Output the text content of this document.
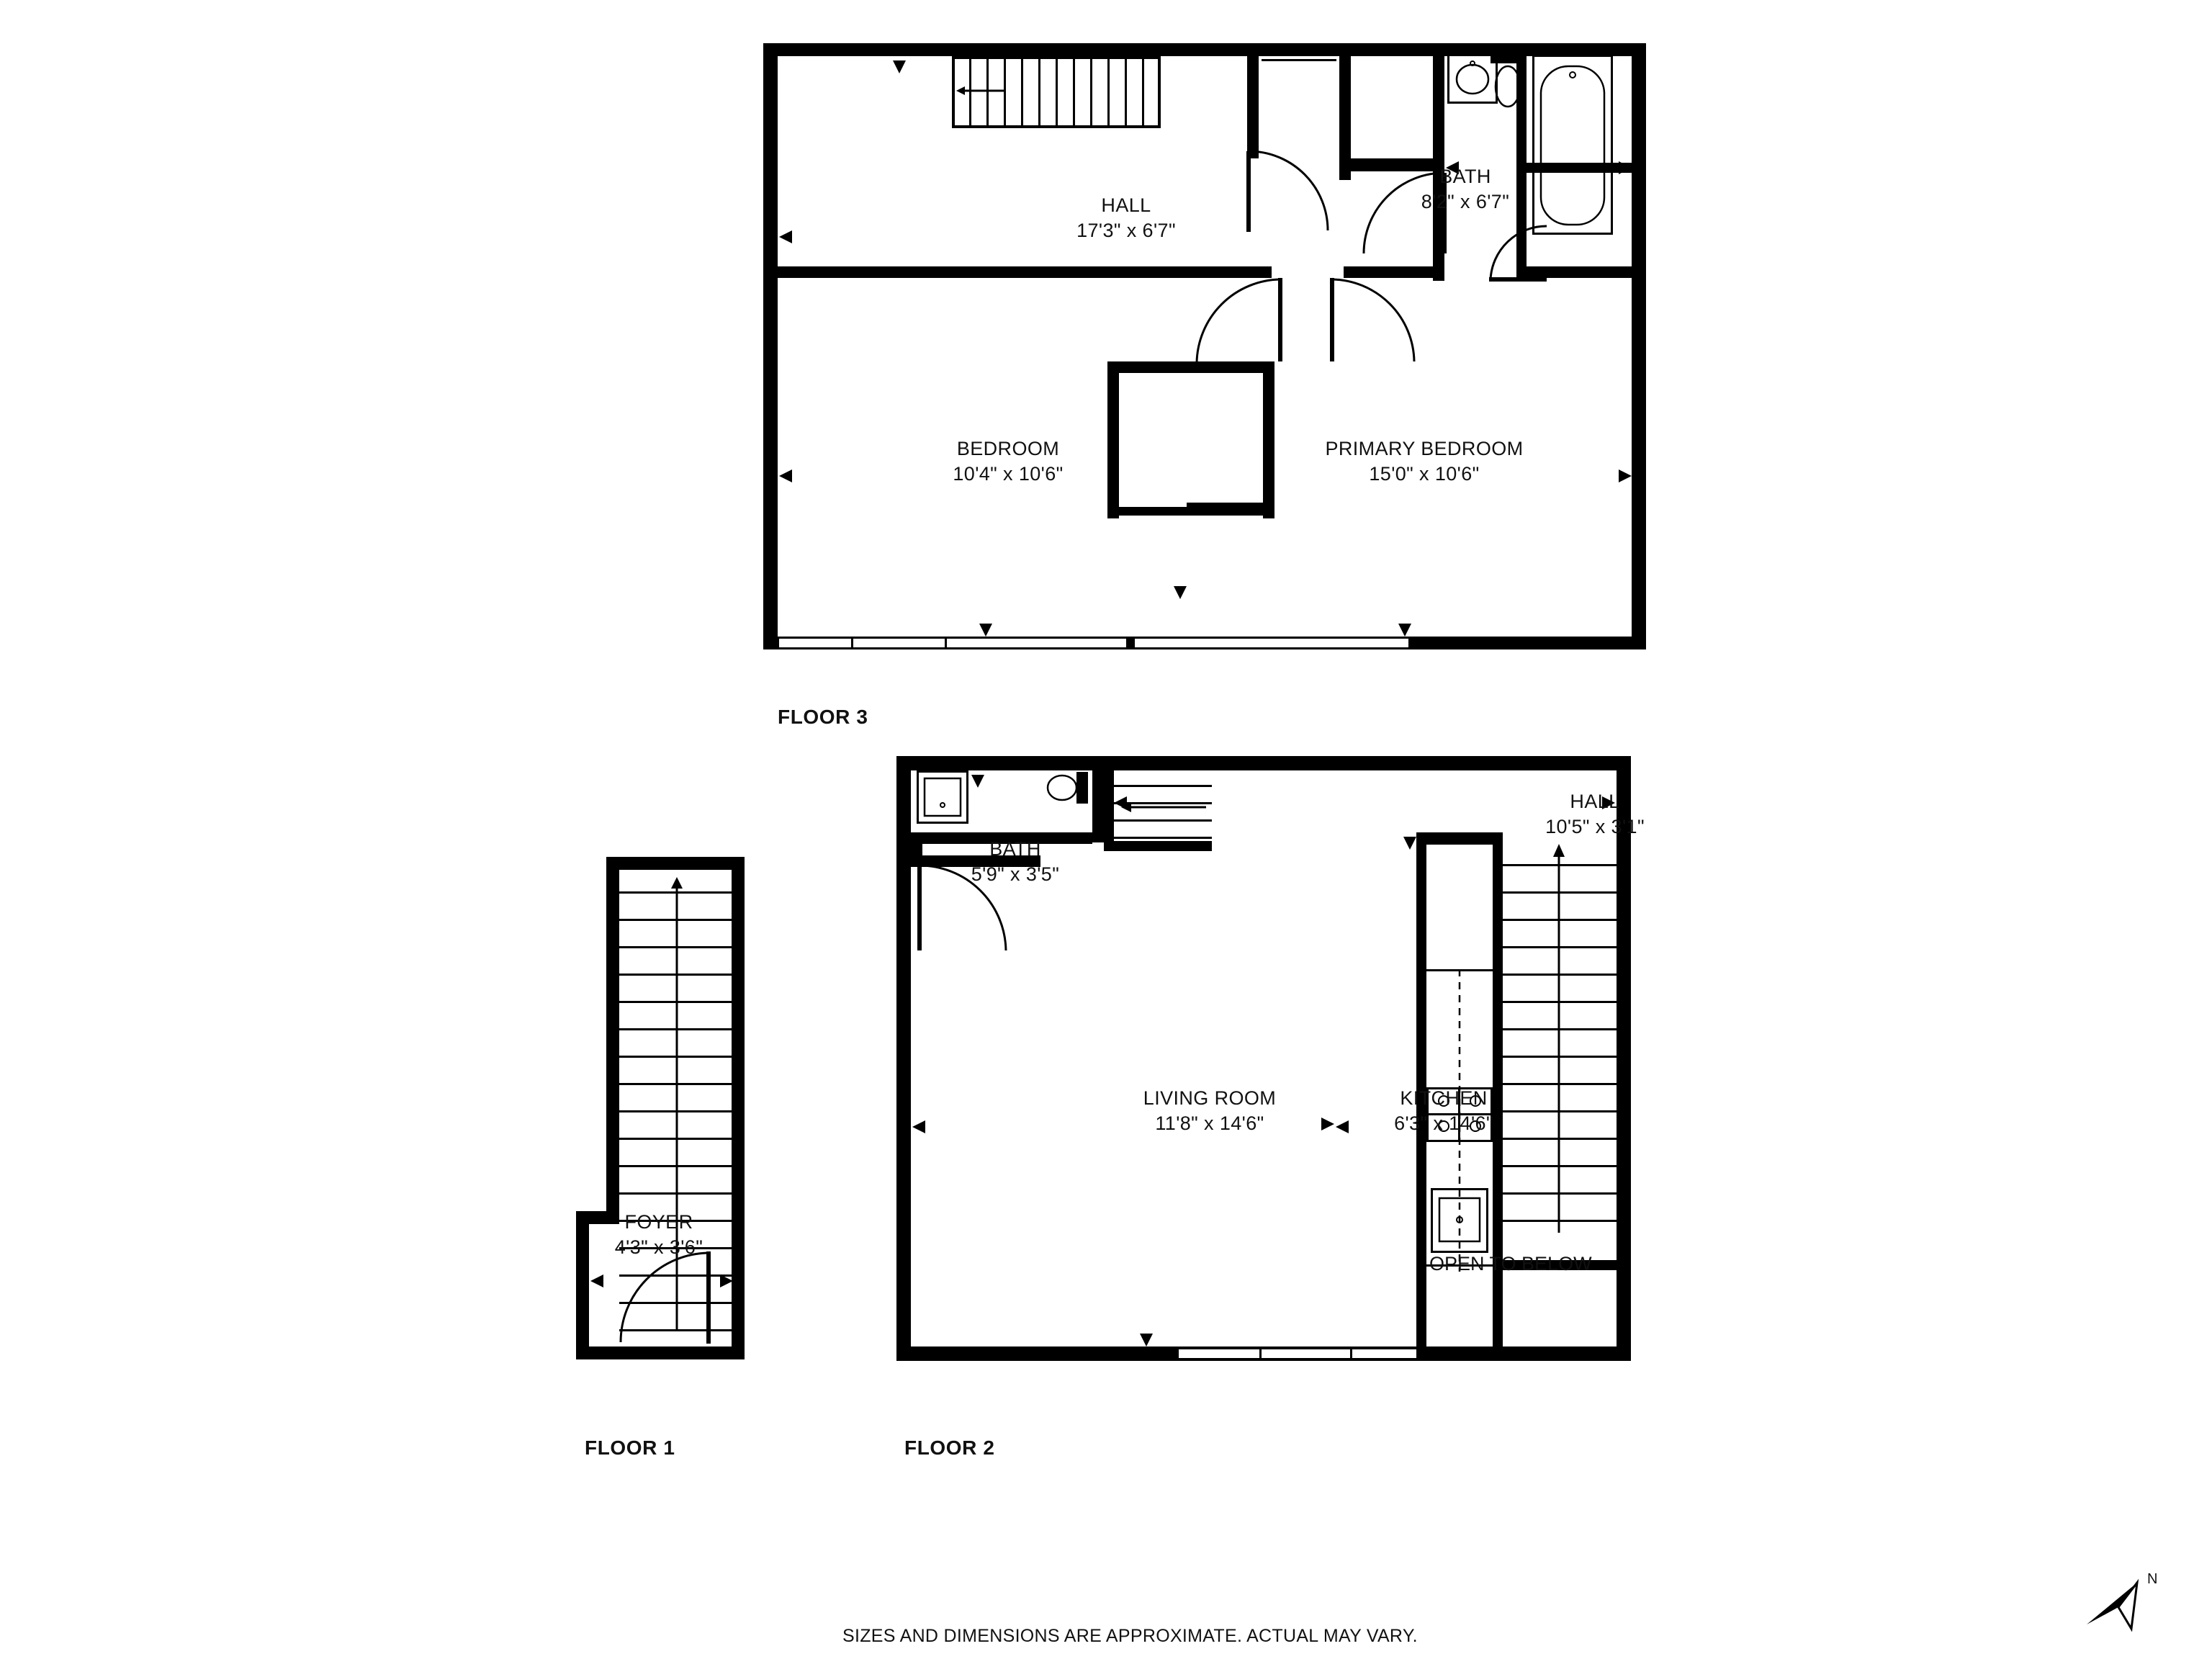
HALL
17'3" x 6'7"
BATH
8'2" x 6'7"
BEDROOM
10'4" x 10'6"
PRIMARY BEDROOM
15'0" x 10'6"
FLOOR 3
FOYER
4'3" x 3'6"
FLOOR 1
BATH
5'9" x 3'5"
HALL
10'5" x 3'1"
LIVING ROOM
11'8" x 14'6"
KITCHEN
6'3" x 14'6"
OPEN TO BELOW
FLOOR 2
SIZES AND DIMENSIONS ARE APPROXIMATE. ACTUAL MAY VARY.
N
